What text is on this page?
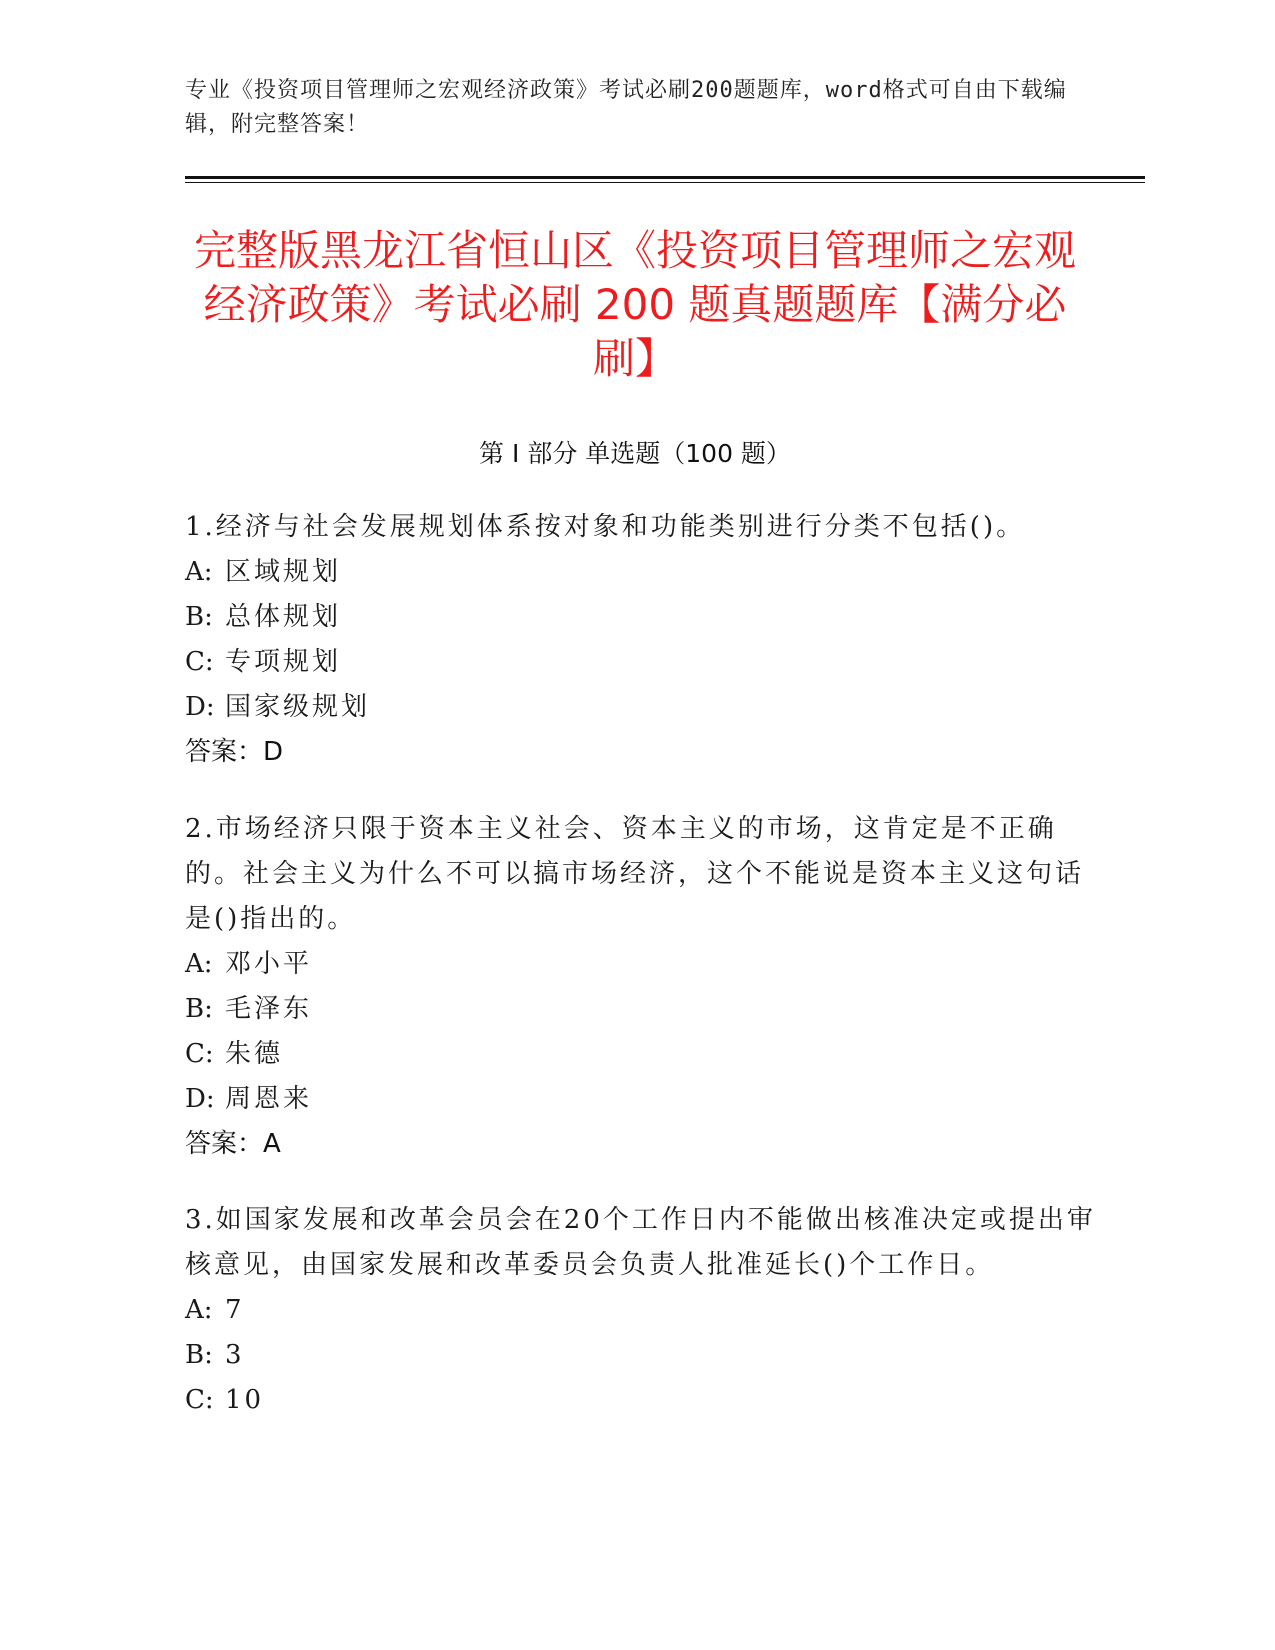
专业《投资项目管理师之宏观经济政策》考试必刷200题题库，word格式可自由下载编辑，附完整答案！
完整版黑龙江省恒山区《投资项目管理师之宏观经济政策》考试必刷 200 题真题题库【满分必刷】
第 I 部分 单选题（100 题）

1.经济与社会发展规划体系按对象和功能类别进行分类不包括()。

A: 区域规划
B: 总体规划
C: 专项规划
D: 国家级规划

答案：D

2.市场经济只限于资本主义社会、资本主义的市场，这肯定是不正确的。社会主义为什么不可以搞市场经济，这个不能说是资本主义这句话是()指出的。

A: 邓小平
B: 毛泽东
C: 朱德
D: 周恩来

答案：A

3.如国家发展和改革会员会在20个工作日内不能做出核准决定或提出审核意见，由国家发展和改革委员会负责人批准延长()个工作日。

A: 7
B: 3
C: 10
